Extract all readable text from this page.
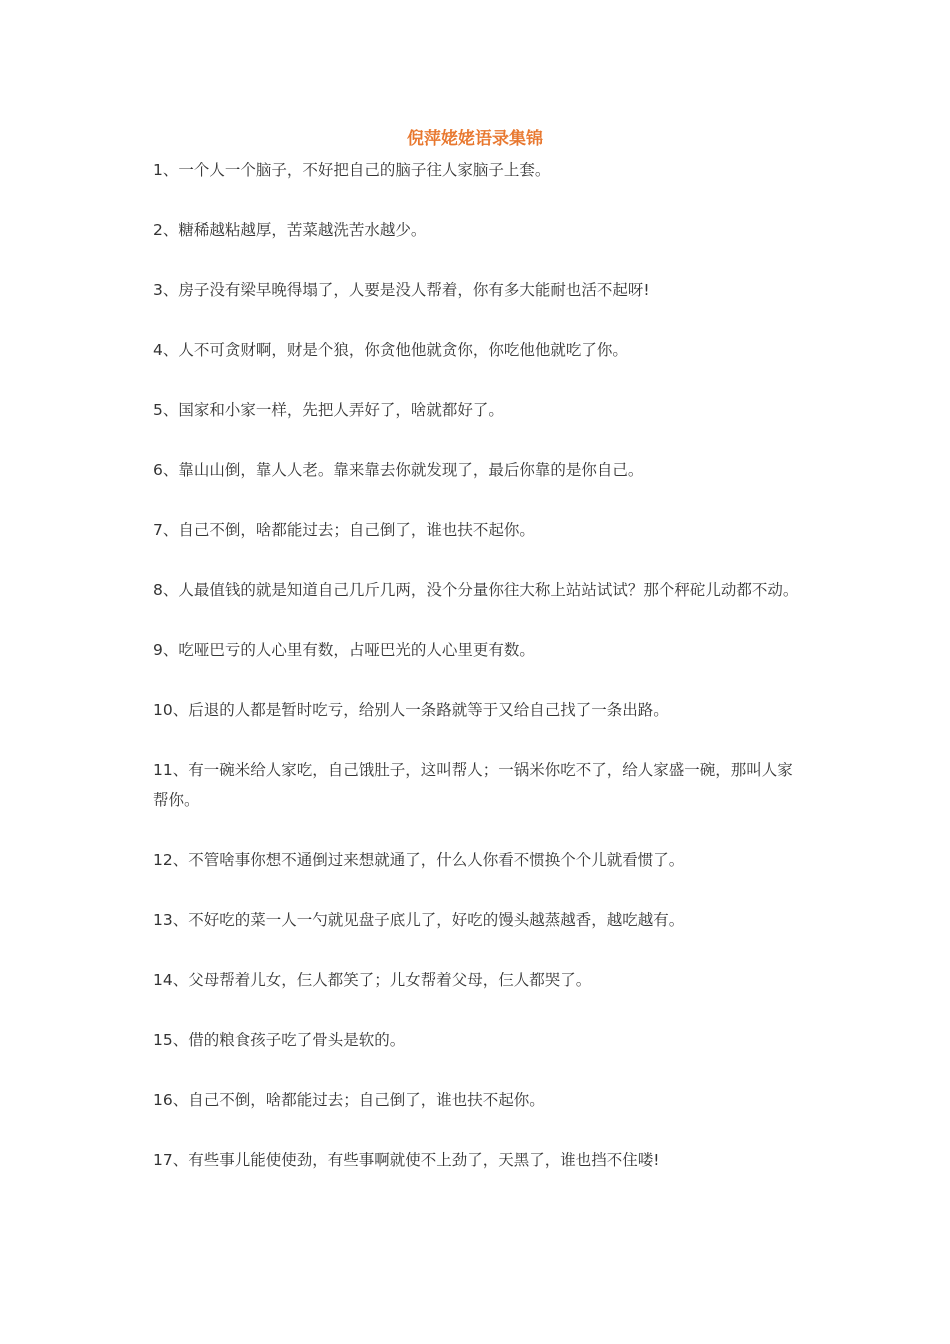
倪萍姥姥语录集锦
1、一个人一个脑子，不好把自己的脑子往人家脑子上套。
2、糖稀越粘越厚，苦菜越洗苦水越少。
3、房子没有梁早晚得塌了，人要是没人帮着，你有多大能耐也活不起呀!
4、人不可贪财啊，财是个狼，你贪他他就贪你，你吃他他就吃了你。
5、国家和小家一样，先把人弄好了，啥就都好了。
6、靠山山倒，靠人人老。靠来靠去你就发现了，最后你靠的是你自己。
7、自己不倒，啥都能过去；自己倒了，谁也扶不起你。
8、人最值钱的就是知道自己几斤几两，没个分量你往大称上站站试试？那个秤砣儿动都不动。
9、吃哑巴亏的人心里有数，占哑巴光的人心里更有数。
10、后退的人都是暂时吃亏，给别人一条路就等于又给自己找了一条出路。
11、有一碗米给人家吃，自己饿肚子，这叫帮人；一锅米你吃不了，给人家盛一碗，那叫人家帮你。
12、不管啥事你想不通倒过来想就通了，什么人你看不惯换个个儿就看惯了。
13、不好吃的菜一人一勺就见盘子底儿了，好吃的馒头越蒸越香，越吃越有。
14、父母帮着儿女，仨人都笑了；儿女帮着父母，仨人都哭了。
15、借的粮食孩子吃了骨头是软的。
16、自己不倒，啥都能过去；自己倒了，谁也扶不起你。
17、有些事儿能使使劲，有些事啊就使不上劲了，天黑了，谁也挡不住喽!
